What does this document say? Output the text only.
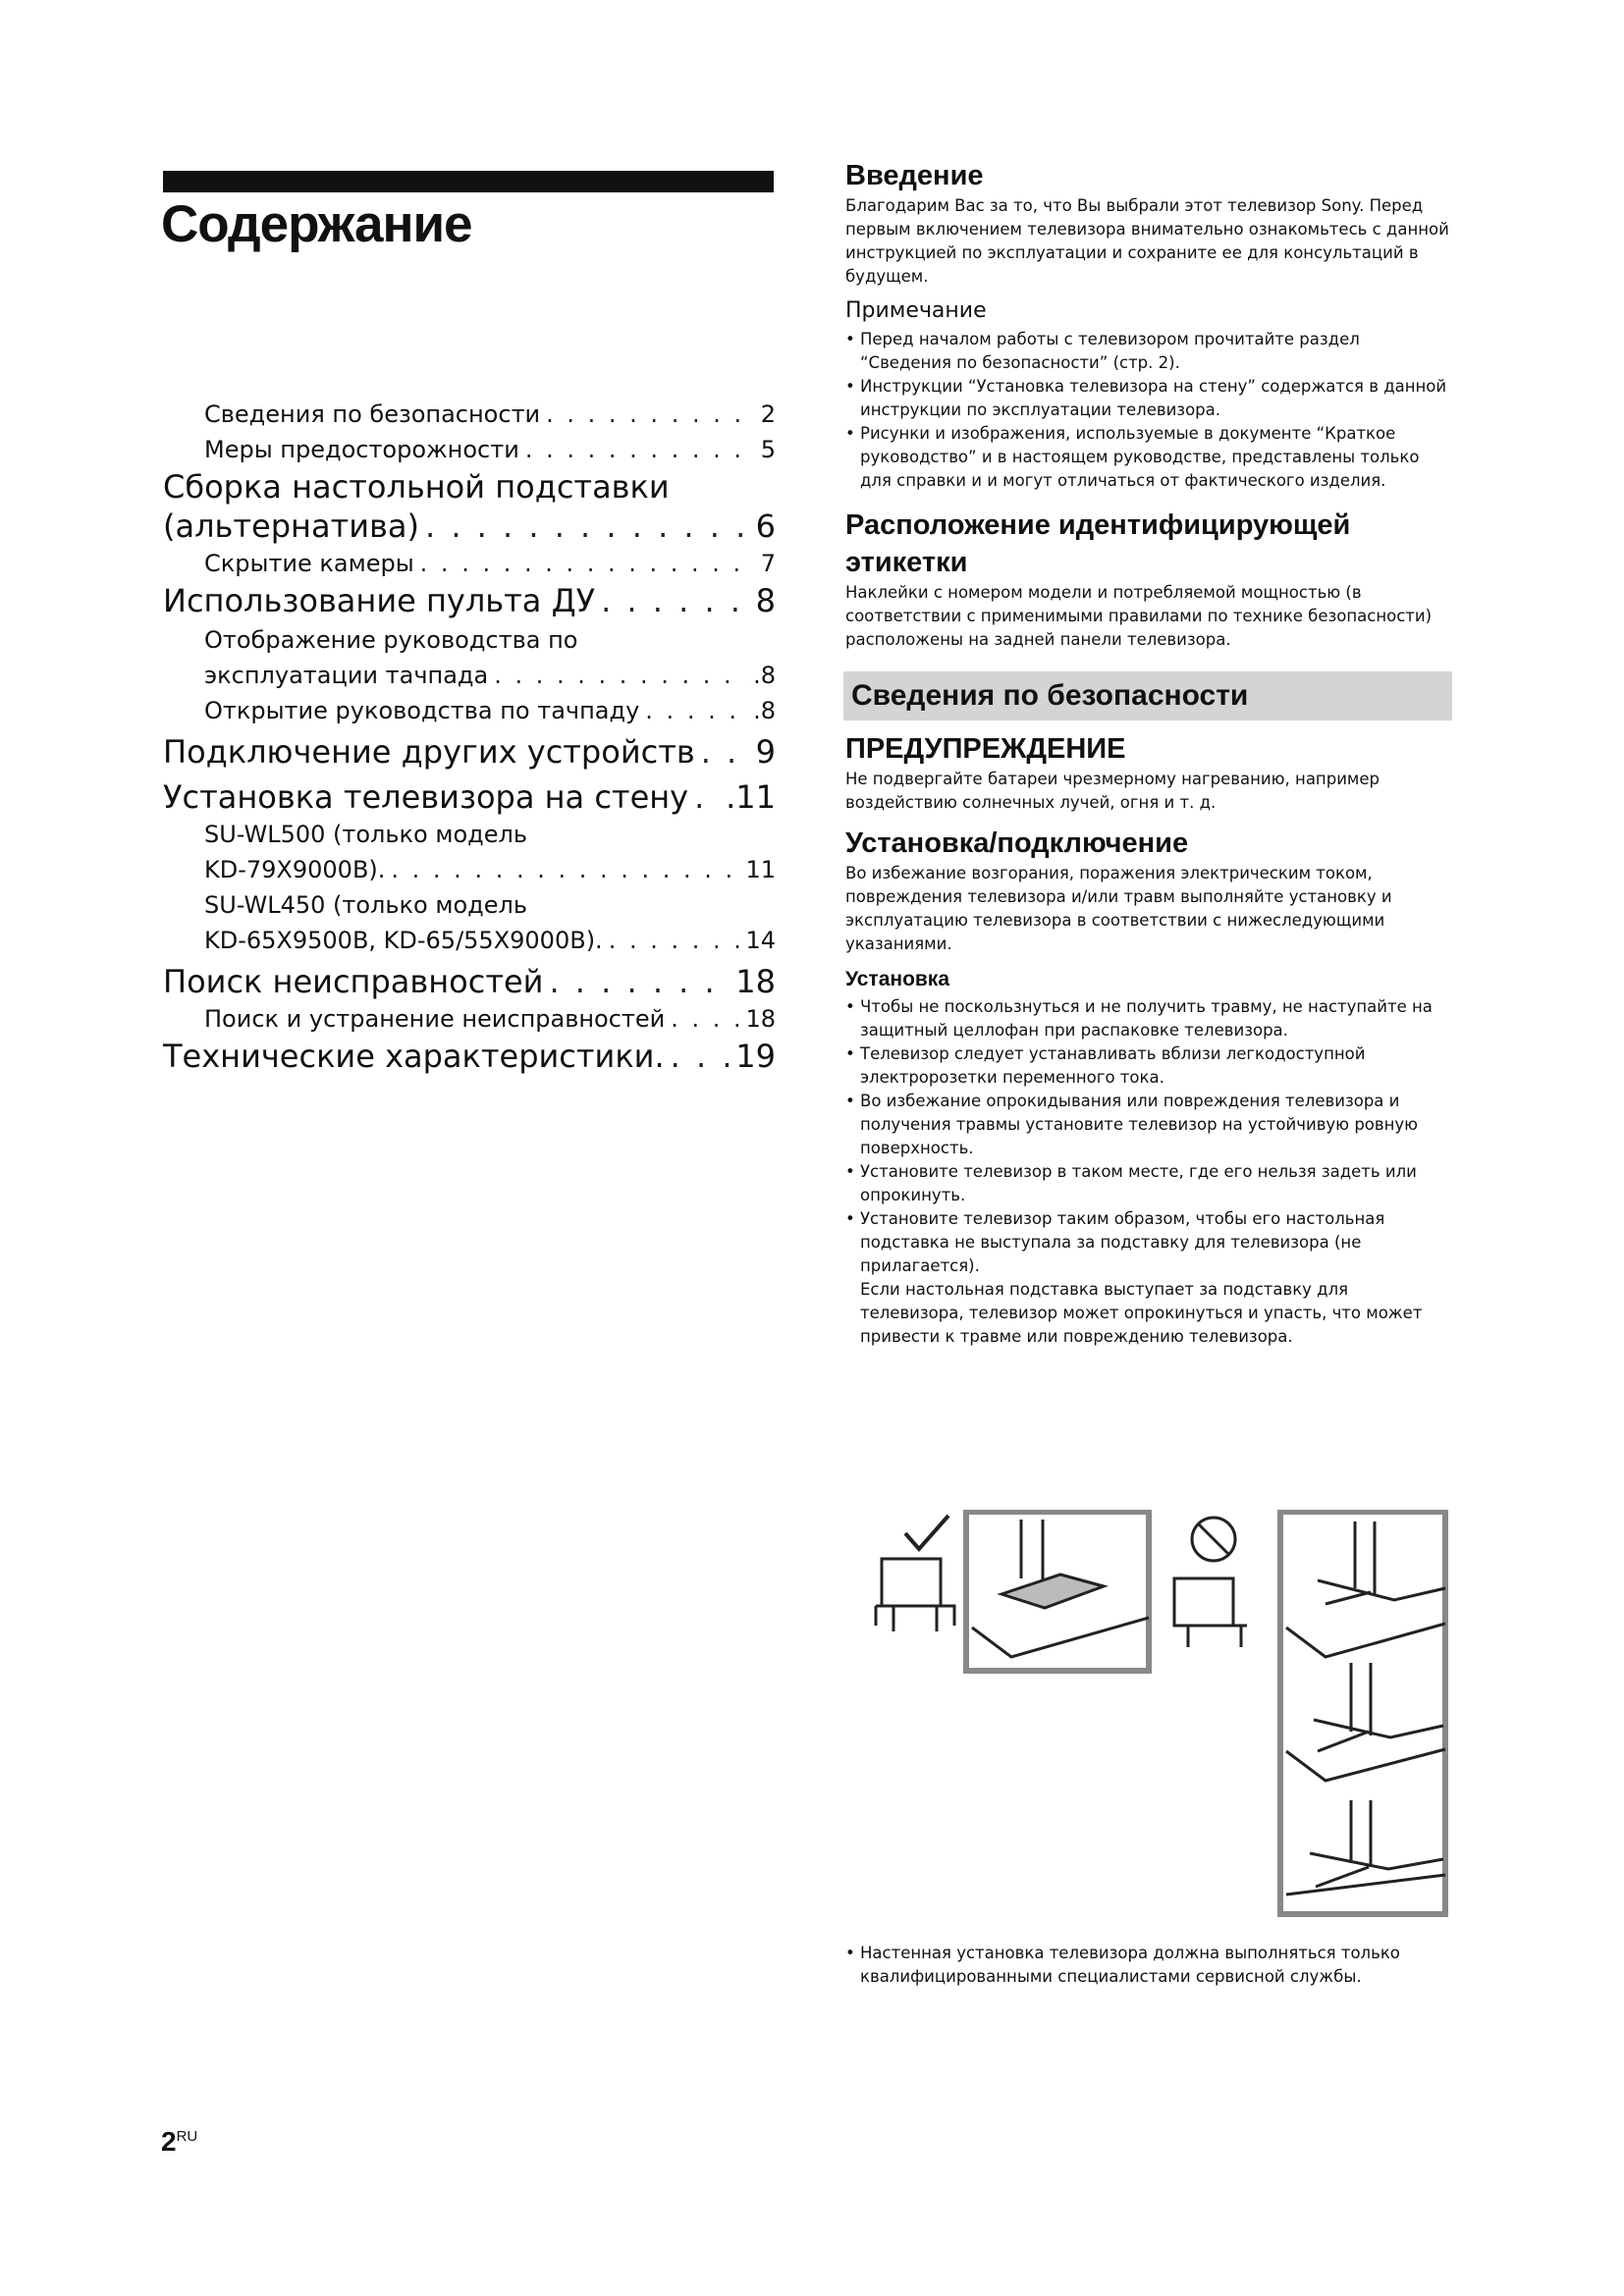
Содержание
Сведения по безопасности . . .	2
Меры предосторожности . . .	5
Сборка настольной подставки
(альтернатива) . . .	6
Скрытие камеры . . .	7
Использование пульта ДУ . . .	8
Отображение руководства по
эксплуатации тачпада . . .	.8
Открытие руководства по тачпаду . . .	.8
Подключение других устройств . . . 9
Установка телевизора на стену . . . .11
SU-WL500 (только модель
KD-79X9000B). . . .	11
SU-WL450 (только модель
KD-65X9500B, KD-65/55X9000B). . . .	14
Поиск неисправностей . . .	18
Поиск и устранение неисправностей . . .	18
Технические характеристики. . . . 19
Введение

Благодарим Вас за то, что Вы выбрали этот телевизор Sony. Перед первым включением телевизора внимательно ознакомьтесь с данной инструкцией по эксплуатации и сохраните ее для консультаций в будущем.

Примечание
• Перед началом работы с телевизором прочитайте раздел “Сведения по безопасности” (стр. 2).
• Инструкции “Установка телевизора на стену” содержатся в данной инструкции по эксплуатации телевизора.
• Рисунки и изображения, используемые в документе “Краткое руководство” и в настоящем руководстве, представлены только для справки и и могут отличаться от фактического изделия.
Расположение идентифицирующей
этикетки

Наклейки с номером модели и потребляемой мощностью (в соответствии с применимыми правилами по технике безопасности) расположены на задней панели телевизора.

Сведения по безопасности
ПРЕДУПРЕЖДЕНИЕ

Не подвергайте батареи чрезмерному нагреванию, например воздействию солнечных лучей, огня и т. д.

Установка/подключение

Во избежание возгорания, поражения электрическим током, повреждения телевизора и/или травм выполняйте установку и эксплуатацию телевизора в соответствии с нижеследующими указаниями.

Установка
• Чтобы не поскользнуться и не получить травму, не наступайте на защитный целлофан при распаковке телевизора.
• Телевизор следует устанавливать вблизи легкодоступной электророзетки переменного тока.
• Во избежание опрокидывания или повреждения телевизора и получения травмы установите телевизор на устойчивую ровную поверхность.
• Установите телевизор в таком месте, где его нельзя задеть или опрокинуть.
• Установите телевизор таким образом, чтобы его настольная подставка не выступала за подставку для телевизора (не прилагается).

Если настольная подставка выступает за подставку для телевизора, телевизор может опрокинуться и упасть, что может привести к травме или повреждению телевизора.

• Настенная установка телевизора должна выполняться только квалифицированными специалистами сервисной службы.
$2^{RU}$
